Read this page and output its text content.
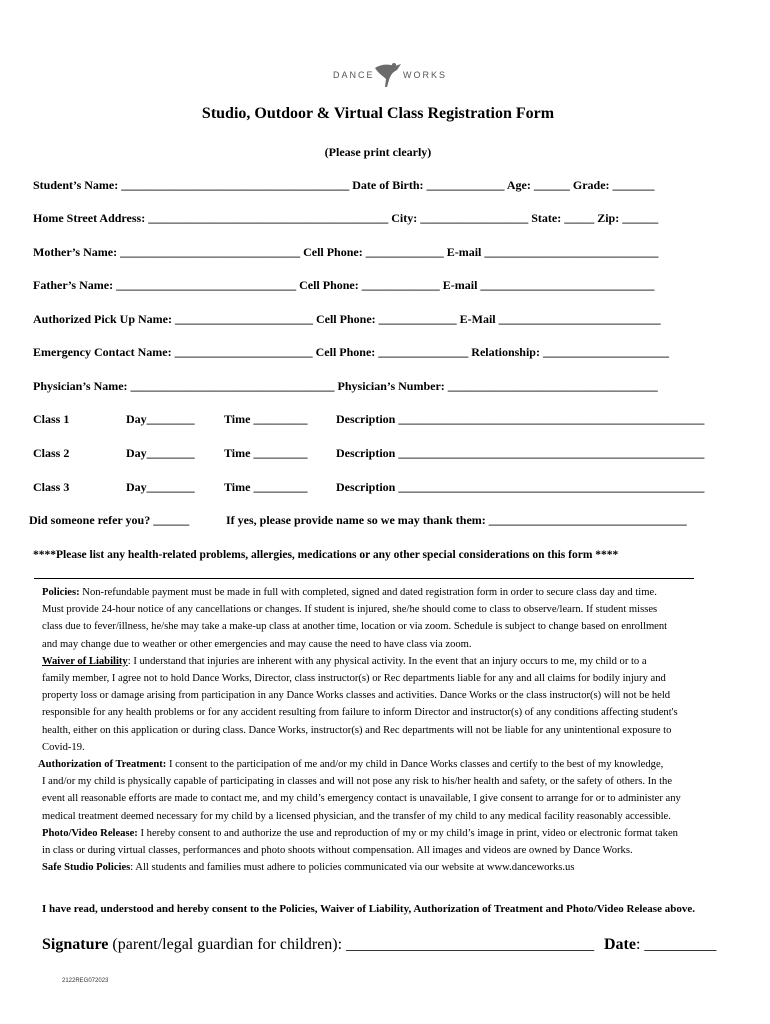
DANCE	WORKS
Studio, Outdoor & Virtual Class Registration Form
(Please print clearly)
Student’s Name: ______________________________________ Date of Birth: _____________ Age: ______ Grade: _______
Home Street Address: ________________________________________ City: __________________ State: _____ Zip: ______
Mother’s Name: ______________________________ Cell Phone: _____________ E-mail _____________________________
Father’s Name: ______________________________ Cell Phone: _____________ E-mail _____________________________
Authorized Pick Up Name: _______________________ Cell Phone: _____________ E-Mail ___________________________
Emergency Contact Name: _______________________ Cell Phone: _______________ Relationship: _____________________
Physician’s Name: __________________________________ Physician’s Number: ___________________________________
Class 1	Day________ Time _________ Description ___________________________________________________
Class 2	Day________ Time _________ Description ___________________________________________________
Class 3	Day________ Time _________ Description ___________________________________________________
Did someone refer you? ______	If yes, please provide name so we may thank them: _________________________________
****Please list any health-related problems, allergies, medications or any other special considerations on this form ****
Policies: Non-refundable payment must be made in full with completed, signed and dated registration form in order to secure class day and time.
Must provide 24-hour notice of any cancellations or changes. If student is injured, she/he should come to class to observe/learn. If student misses
class due to fever/illness, he/she may take a make-up class at another time, location or via zoom. Schedule is subject to change based on enrollment
and may change due to weather or other emergencies and may cause the need to have class via zoom.
Waiver of Liability: I understand that injuries are inherent with any physical activity. In the event that an injury occurs to me, my child or to a
family member, I agree not to hold Dance Works, Director, class instructor(s) or Rec departments liable for any and all claims for bodily injury and
property loss or damage arising from participation in any Dance Works classes and activities. Dance Works or the class instructor(s) will not be held
responsible for any health problems or for any accident resulting from failure to inform Director and instructor(s) of any conditions affecting student's
health, either on this application or during class. Dance Works, instructor(s) and Rec departments will not be liable for any unintentional exposure to
Covid-19.
Authorization of Treatment: I consent to the participation of me and/or my child in Dance Works classes and certify to the best of my knowledge,
I and/or my child is physically capable of participating in classes and will not pose any risk to his/her health and safety, or the safety of others. In the
event all reasonable efforts are made to contact me, and my child’s emergency contact is unavailable, I give consent to arrange for or to administer any
medical treatment deemed necessary for my child by a licensed physician, and the transfer of my child to any medical facility reasonably accessible.
Photo/Video Release: I hereby consent to and authorize the use and reproduction of my or my child’s image in print, video or electronic format taken
in class or during virtual classes, performances and photo shoots without compensation. All images and videos are owned by Dance Works.
Safe Studio Policies: All students and families must adhere to policies communicated via our website at www.danceworks.us
I have read, understood and hereby consent to the Policies, Waiver of Liability, Authorization of Treatment and Photo/Video Release above.
Signature (parent/legal guardian for children): _______________________________ Date: _________
2122REG072023
